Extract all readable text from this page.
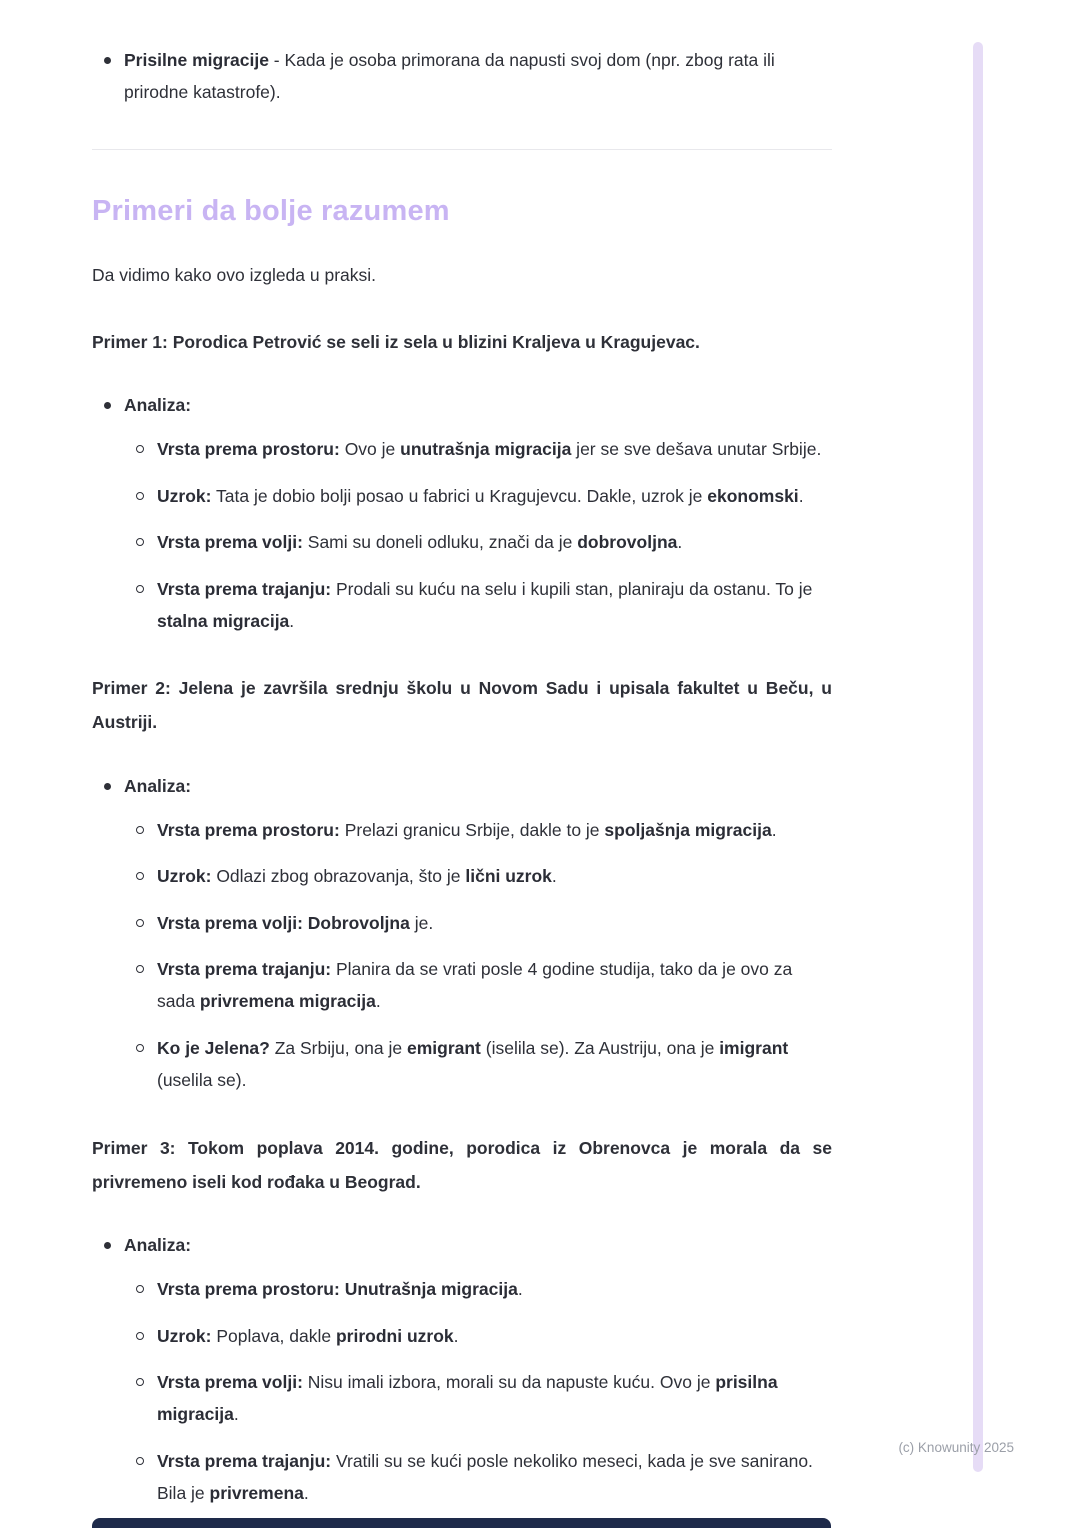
Prisilne migracije - Kada je osoba primorana da napusti svoj dom (npr. zbog rata ili prirodne katastrofe).
Primeri da bolje razumem

Da vidimo kako ovo izgleda u praksi.

Primer 1: Porodica Petrović se seli iz sela u blizini Kraljeva u Kragujevac.

Analiza:
Vrsta prema prostoru: Ovo je unutrašnja migracija jer se sve dešava unutar Srbije.
Uzrok: Tata je dobio bolji posao u fabrici u Kragujevcu. Dakle, uzrok je ekonomski.
Vrsta prema volji: Sami su doneli odluku, znači da je dobrovoljna.
Vrsta prema trajanju: Prodali su kuću na selu i kupili stan, planiraju da ostanu. To je stalna migracija.

Primer 2: Jelena je završila srednju školu u Novom Sadu i upisala fakultet u Beču, u Austriji.

Analiza:
Vrsta prema prostoru: Prelazi granicu Srbije, dakle to je spoljašnja migracija.
Uzrok: Odlazi zbog obrazovanja, što je lični uzrok.
Vrsta prema volji: Dobrovoljna je.
Vrsta prema trajanju: Planira da se vrati posle 4 godine studija, tako da je ovo za sada privremena migracija.
Ko je Jelena? Za Srbiju, ona je emigrant (iselila se). Za Austriju, ona je imigrant (uselila se).

Primer 3: Tokom poplava 2014. godine, porodica iz Obrenovca je morala da se privremeno iseli kod rođaka u Beograd.

Analiza:
Vrsta prema prostoru: Unutrašnja migracija.
Uzrok: Poplava, dakle prirodni uzrok.
Vrsta prema volji: Nisu imali izbora, morali su da napuste kuću. Ovo je prisilna migracija.
Vrsta prema trajanju: Vratili su se kući posle nekoliko meseci, kada je sve sanirano. Bila je privremena.
(c) Knowunity 2025
